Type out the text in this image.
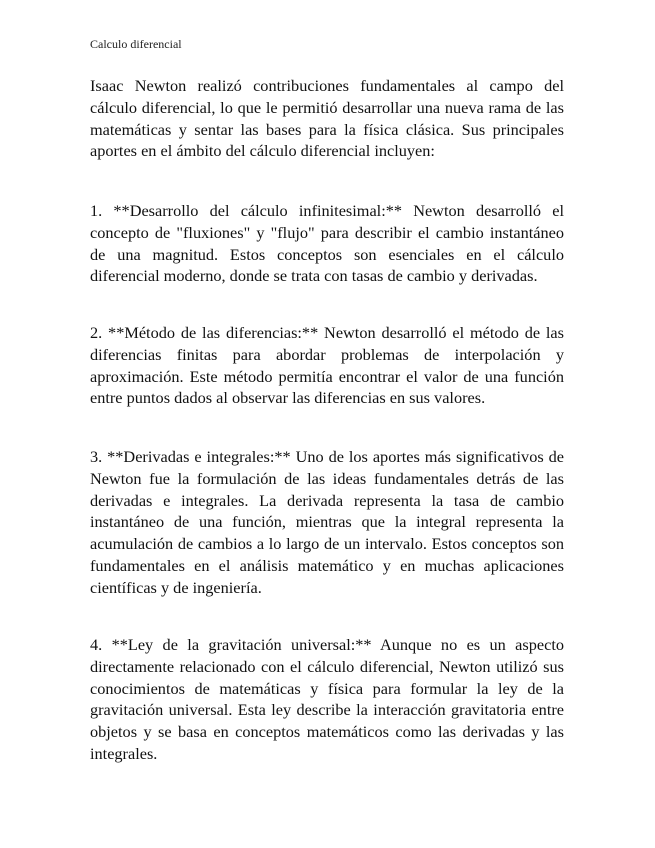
Calculo diferencial

Isaac Newton realizó contribuciones fundamentales al campo del cálculo diferencial, lo que le permitió desarrollar una nueva rama de las matemáticas y sentar las bases para la física clásica. Sus principales aportes en el ámbito del cálculo diferencial incluyen:

1. **Desarrollo del cálculo infinitesimal:** Newton desarrolló el concepto de "fluxiones" y "flujo" para describir el cambio instantáneo de una magnitud. Estos conceptos son esenciales en el cálculo diferencial moderno, donde se trata con tasas de cambio y derivadas.

2. **Método de las diferencias:** Newton desarrolló el método de las diferencias finitas para abordar problemas de interpolación y aproximación. Este método permitía encontrar el valor de una función entre puntos dados al observar las diferencias en sus valores.

3. **Derivadas e integrales:** Uno de los aportes más significativos de Newton fue la formulación de las ideas fundamentales detrás de las derivadas e integrales. La derivada representa la tasa de cambio instantáneo de una función, mientras que la integral representa la acumulación de cambios a lo largo de un intervalo. Estos conceptos son fundamentales en el análisis matemático y en muchas aplicaciones científicas y de ingeniería.

4. **Ley de la gravitación universal:** Aunque no es un aspecto directamente relacionado con el cálculo diferencial, Newton utilizó sus conocimientos de matemáticas y física para formular la ley de la gravitación universal. Esta ley describe la interacción gravitatoria entre objetos y se basa en conceptos matemáticos como las derivadas y las integrales.
